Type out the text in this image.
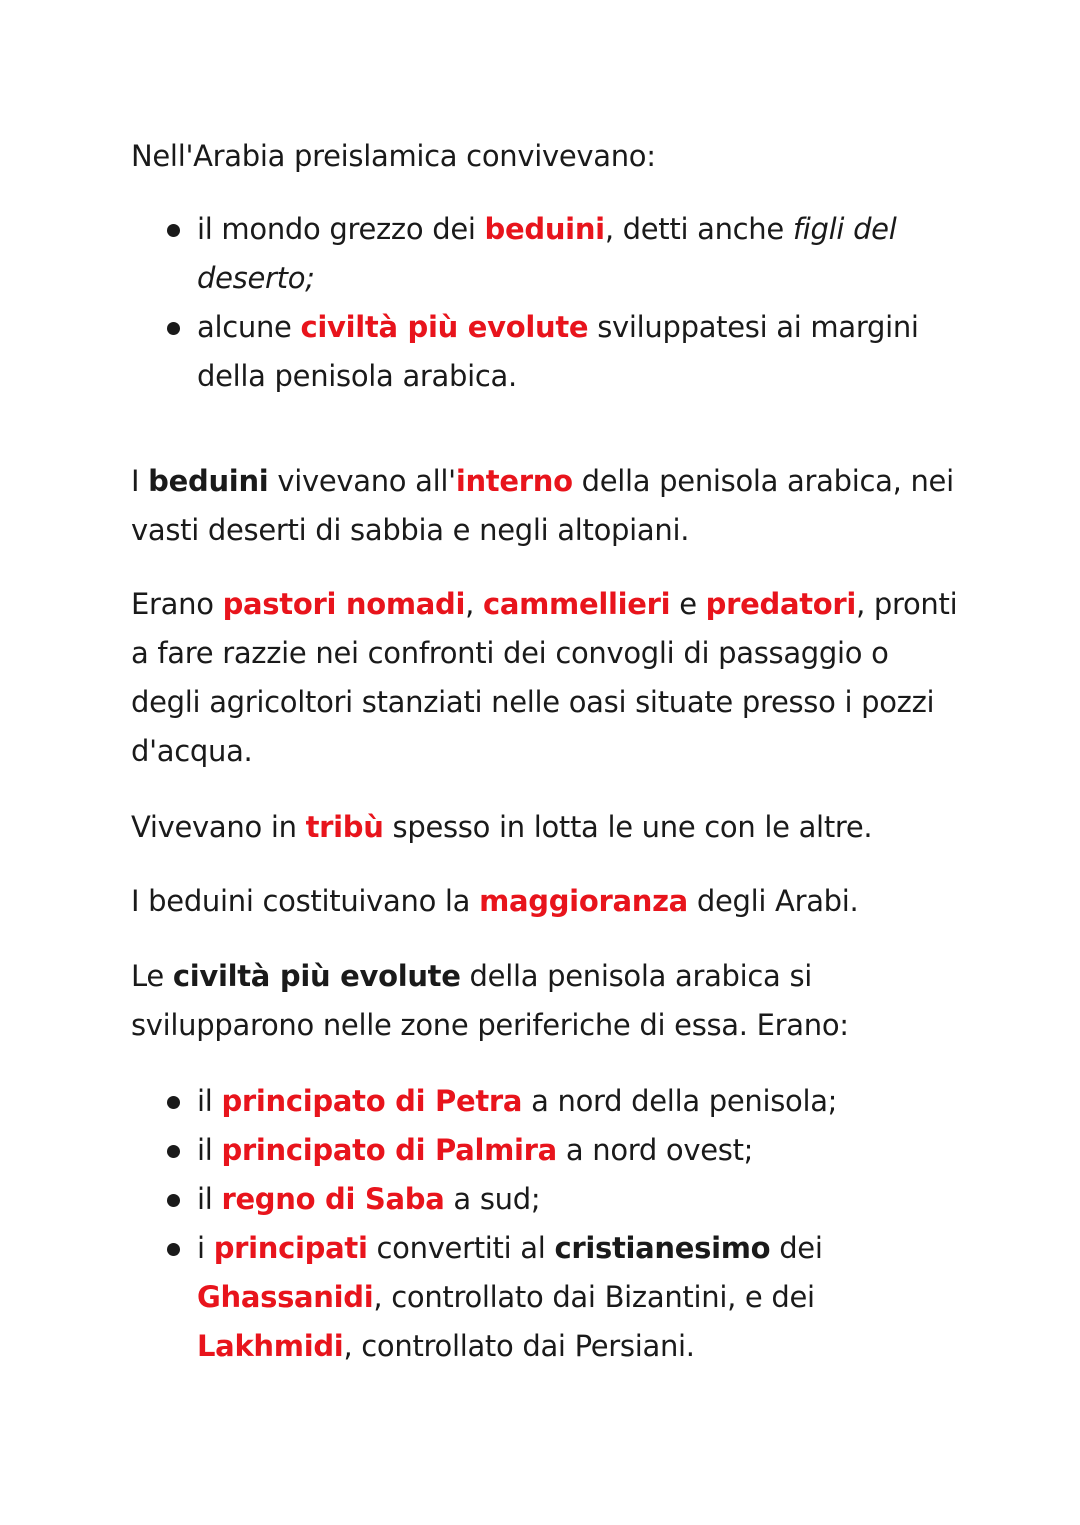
Nell'Arabia preislamica convivevano:

il mondo grezzo dei beduini, detti anche figli del deserto;
alcune civiltà più evolute sviluppatesi ai margini della penisola arabica.

I beduini vivevano all'interno della penisola arabica, nei vasti deserti di sabbia e negli altopiani.

Erano pastori nomadi, cammellieri e predatori, pronti a fare razzie nei confronti dei convogli di passaggio o degli agricoltori stanziati nelle oasi situate presso i pozzi d'acqua.

Vivevano in tribù spesso in lotta le une con le altre.

I beduini costituivano la maggioranza degli Arabi.

Le civiltà più evolute della penisola arabica si svilupparono nelle zone periferiche di essa. Erano:

il principato di Petra a nord della penisola;
il principato di Palmira a nord ovest;
il regno di Saba a sud;
i principati convertiti al cristianesimo dei Ghassanidi, controllato dai Bizantini, e dei Lakhmidi, controllato dai Persiani.
